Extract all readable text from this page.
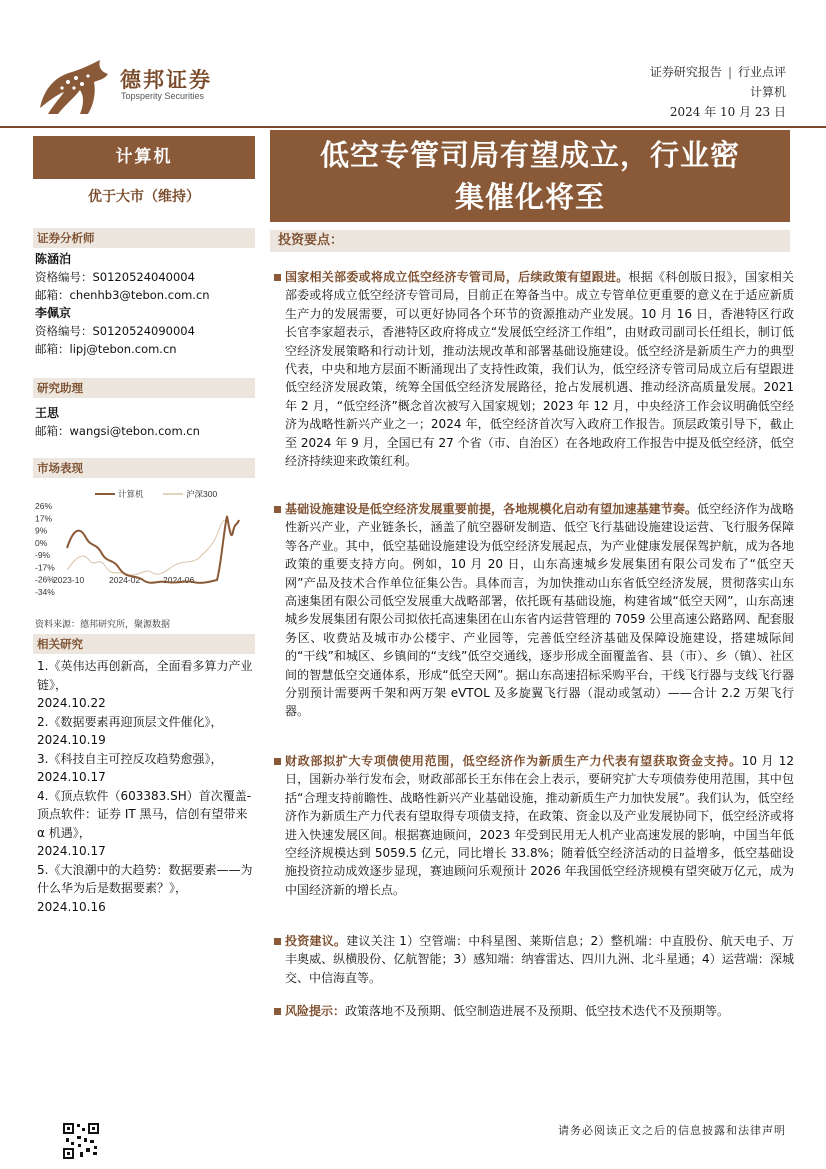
德邦证券
Topsperity Securities
证券研究报告 | 行业点评
计算机
2024 年 10 月 23 日
计算机
优于大市（维持）
低空专管司局有望成立，行业密
集催化将至
证券分析师
陈涵泊
资格编号：S0120524040004
邮箱：chenhb3@tebon.com.cn
李佩京
资格编号：S0120524090004
邮箱：lipj@tebon.com.cn
研究助理
王思
邮箱：wangsi@tebon.com.cn
市场表现
计算机	沪深300
26%
17%
9%
0%
-9%
-17%
-26%
-34%
2023-10	2024-02	2024-06
资料来源：德邦研究所，聚源数据
相关研究
1.《英伟达再创新高，全面看多算力产业链》，
2024.10.22
2.《数据要素再迎顶层文件催化》，
2024.10.19
3.《科技自主可控反攻趋势愈强》，
2024.10.17
4.《顶点软件（603383.SH）首次覆盖-顶点软件：证券 IT 黑马，信创有望带来 α 机遇》，
2024.10.17
5.《大浪潮中的大趋势：数据要素——为什么华为后是数据要素？》，
2024.10.16
投资要点：

国家相关部委或将成立低空经济专管司局，后续政策有望跟进。根据《科创版日报》，国家相关部委或将成立低空经济专管司局，目前正在筹备当中。成立专管单位更重要的意义在于适应新质生产力的发展需要，可以更好协同各个环节的资源推动产业发展。10 月 16 日，香港特区行政长官李家超表示，香港特区政府将成立“发展低空经济工作组”，由财政司副司长任组长，制订低空经济发展策略和行动计划，推动法规改革和部署基础设施建设。低空经济是新质生产力的典型代表，中央和地方层面不断涌现出了支持性政策，我们认为，低空经济专管司局成立后有望跟进低空经济发展政策，统筹全国低空经济发展路径，抢占发展机遇、推动经济高质量发展。2021 年 2 月，“低空经济”概念首次被写入国家规划；2023 年 12 月，中央经济工作会议明确低空经济为战略性新兴产业之一；2024 年，低空经济首次写入政府工作报告。顶层政策引导下，截止至 2024 年 9 月，全国已有 27 个省（市、自治区）在各地政府工作报告中提及低空经济，低空经济持续迎来政策红利。

基础设施建设是低空经济发展重要前提，各地规模化启动有望加速基建节奏。低空经济作为战略性新兴产业，产业链条长，涵盖了航空器研发制造、低空飞行基础设施建设运营、飞行服务保障等各产业。其中，低空基础设施建设为低空经济发展起点，为产业健康发展保驾护航，成为各地政策的重要支持方向。例如，10 月 20 日，山东高速城乡发展集团有限公司发布了“低空天网”产品及技术合作单位征集公告。具体而言，为加快推动山东省低空经济发展，贯彻落实山东高速集团有限公司低空发展重大战略部署，依托既有基础设施，构建省域“低空天网”，山东高速城乡发展集团有限公司拟依托高速集团在山东省内运营管理的 7059 公里高速公路路网、配套服务区、收费站及城市办公楼宇、产业园等，完善低空经济基础及保障设施建设，搭建城际间的“干线”和城区、乡镇间的“支线”低空交通线，逐步形成全面覆盖省、县（市）、乡（镇）、社区间的智慧低空交通体系，形成“低空天网”。据山东高速招标采购平台，干线飞行器与支线飞行器分别预计需要两千架和两万架 eVTOL 及多旋翼飞行器（混动或氢动）——合计 2.2 万架飞行器。

财政部拟扩大专项债使用范围，低空经济作为新质生产力代表有望获取资金支持。10 月 12 日，国新办举行发布会，财政部部长王东伟在会上表示，要研究扩大专项债券使用范围，其中包括“合理支持前瞻性、战略性新兴产业基础设施，推动新质生产力加快发展”。我们认为，低空经济作为新质生产力代表有望取得专项债支持，在政策、资金以及产业发展协同下，低空经济或将进入快速发展区间。根据赛迪顾问，2023 年受到民用无人机产业高速发展的影响，中国当年低空经济规模达到 5059.5 亿元，同比增长 33.8%；随着低空经济活动的日益增多，低空基础设施投资拉动成效逐步显现，赛迪顾问乐观预计 2026 年我国低空经济规模有望突破万亿元，成为中国经济新的增长点。

投资建议。建议关注 1）空管端：中科星图、莱斯信息；2）整机端：中直股份、航天电子、万丰奥威、纵横股份、亿航智能；3）感知端：纳睿雷达、四川九洲、北斗星通；4）运营端：深城交、中信海直等。

风险提示：政策落地不及预期、低空制造进展不及预期、低空技术迭代不及预期等。

请务必阅读正文之后的信息披露和法律声明
